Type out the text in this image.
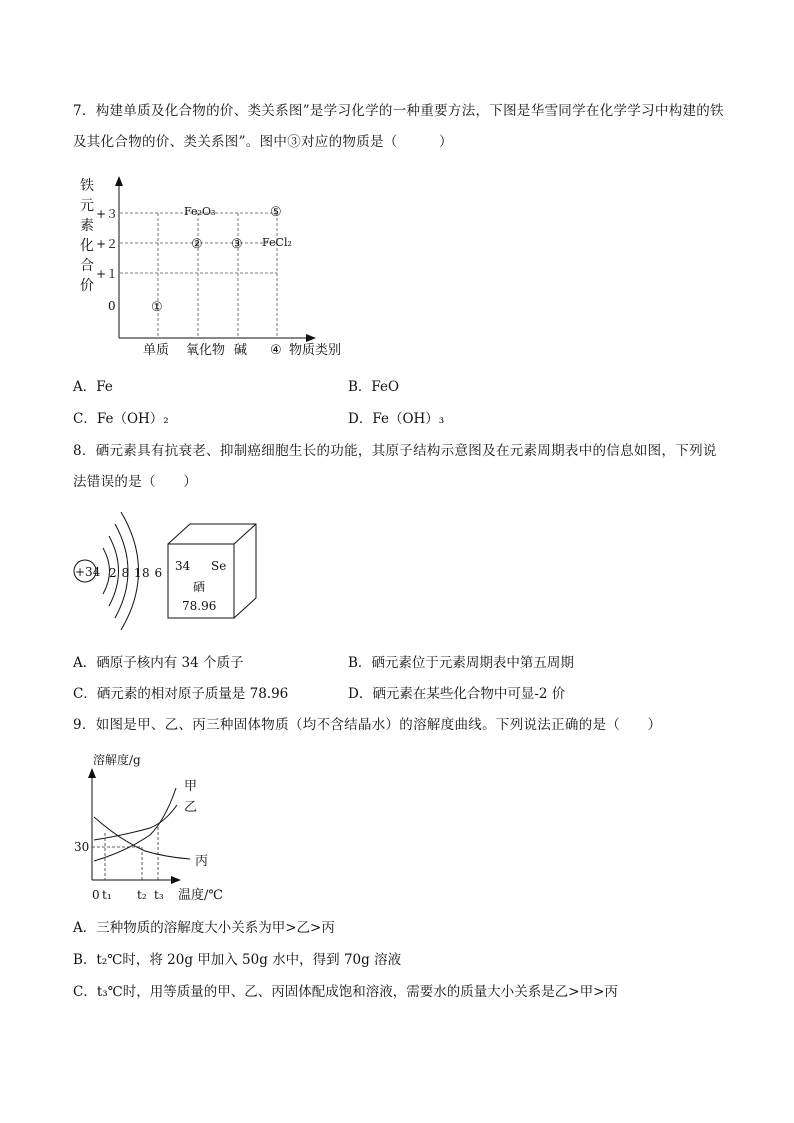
7．构建单质及化合物的价、类关系图”是学习化学的一种重要方法，下图是华雪同学在化学学习中构建的铁
及其化合物的价、类关系图”。图中③对应的物质是（　　　）
铁
元
素
化
合
价
+３
+２
+１
0
Fe₂O₃
FeCl₂
①
② ③
⑤
单质 氧化物 碱 ④ 物质类别
A．Fe	B．FeO
C．Fe（OH）₂	D．Fe（OH）₃
8．硒元素具有抗衰老、抑制癌细胞生长的功能，其原子结构示意图及在元素周期表中的信息如图，下列说
法错误的是（　　）
+34 2 8 18 6 34 Se
硒
78.96
A．硒原子核内有 34 个质子	B．硒元素位于元素周期表中第五周期
C．硒元素的相对原子质量是 78.96	D．硒元素在某些化合物中可显-2 价
9．如图是甲、乙、丙三种固体物质（均不含结晶水）的溶解度曲线。下列说法正确的是（　　）
溶解度/g
30
0 t₁ t₂ t₃ 温度/℃
甲
乙
丙
A．三种物质的溶解度大小关系为甲>乙>丙
B．t₂℃时，将 20g 甲加入 50g 水中，得到 70g 溶液
C．t₃℃时，用等质量的甲、乙、丙固体配成饱和溶液，需要水的质量大小关系是乙>甲>丙
